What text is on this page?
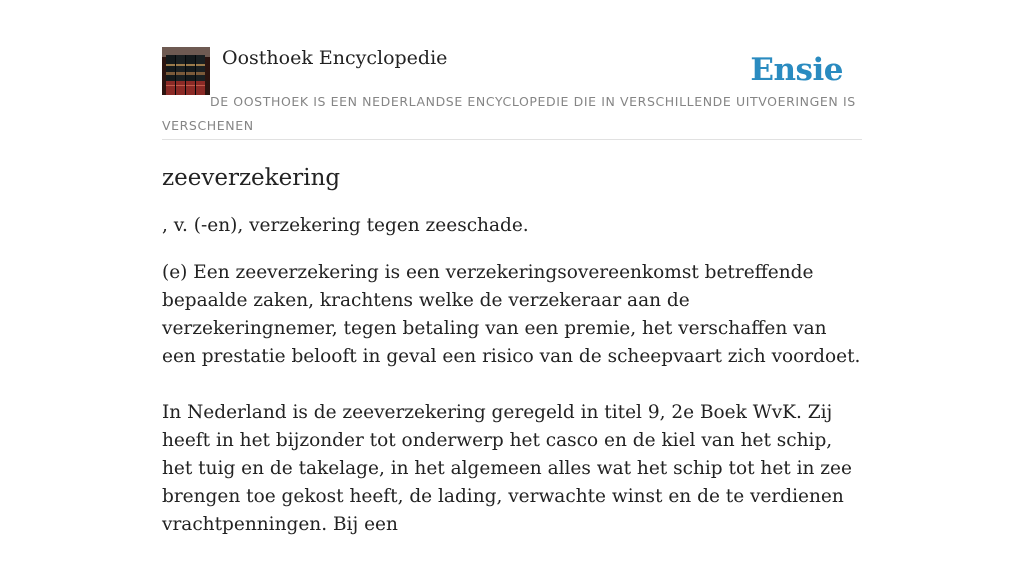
Oosthoek Encyclopedie	Ensie
DE OOSTHOEK IS EEN NEDERLANDSE ENCYCLOPEDIE DIE IN VERSCHILLENDE UITVOERINGEN IS VERSCHENEN
zeeverzekering
, v. (-en), verzekering tegen zeeschade.

(e) Een zeeverzekering is een verzekeringsovereenkomst betreffende bepaalde zaken, krachtens welke de verzekeraar aan de verzekeringnemer, tegen betaling van een premie, het verschaffen van een prestatie belooft in geval een risico van de scheepvaart zich voordoet.

In Nederland is de zeeverzekering geregeld in titel 9, 2e Boek WvK. Zij heeft in het bijzonder tot onderwerp het casco en de kiel van het schip, het tuig en de takelage, in het algemeen alles wat het schip tot het in zee brengen toe gekost heeft, de lading, verwachte winst en de te verdienen vrachtpenningen. Bij een
